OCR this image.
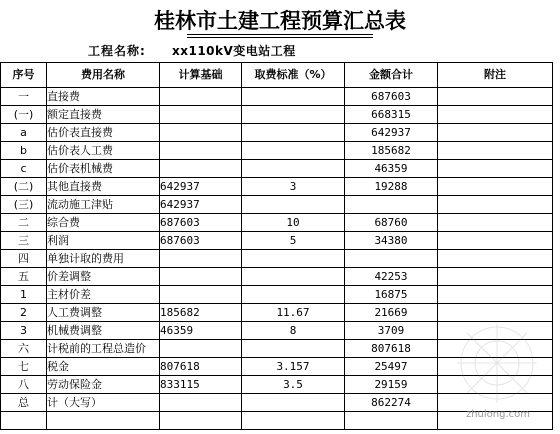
桂林市土建工程预算汇总表
工程名称: xx110kV变电站工程
序号	费用名称	计算基础	取费标准（%）	金额合计	附注
一	直接费			687603	
(一)	额定直接费			668315	
a	估价表直接费			642937	
b	估价表人工费			185682	
c	估价表机械费			46359	
(二)	其他直接费	642937	3	19288	
(三)	流动施工津贴	642937			
二	综合费	687603	10	68760	
三	利润	687603	5	34380	
四	单独计取的费用				
五	价差调整			42253	
1	主材价差			16875	
2	人工费调整	185682	11.67	21669	
3	机械费调整	46359	8	3709	
六	计税前的工程总造价			807618	
七	税金	807618	3.157	25497	
八	劳动保险金	833115	3.5	29159	
总	计（大写）			862274	

zhulong.com
